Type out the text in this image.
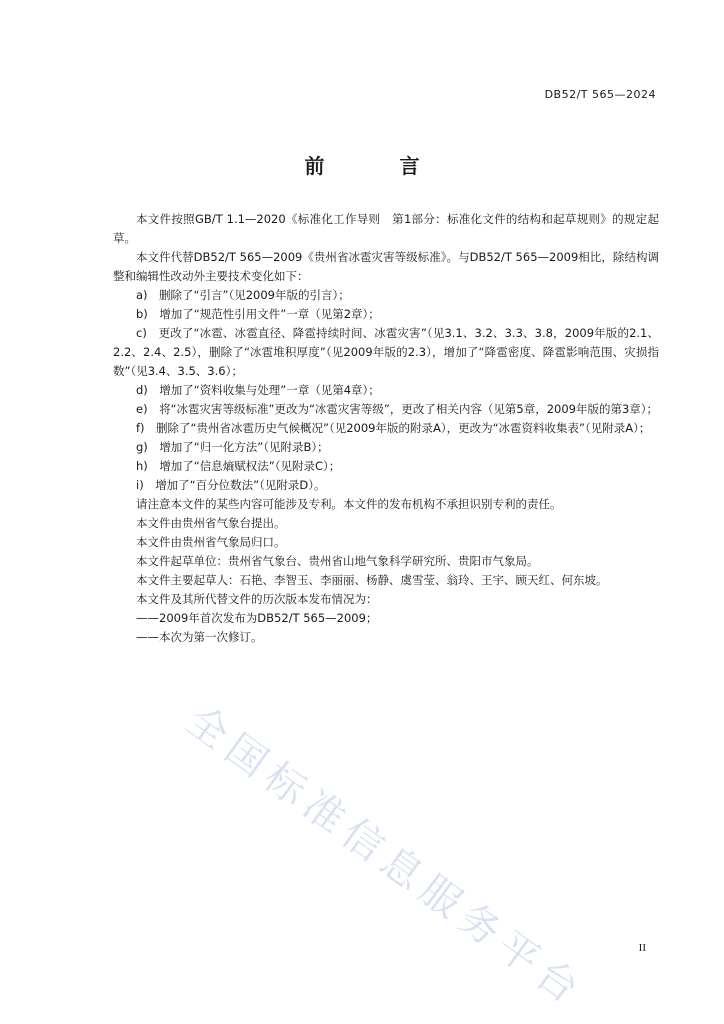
DB52/T 565—2024
前 言

本文件按照GB/T 1.1—2020《标准化工作导则　第1部分：标准化文件的结构和起草规则》的规定起草。

本文件代替DB52/T 565—2009《贵州省冰雹灾害等级标准》。与DB52/T 565—2009相比，除结构调整和编辑性改动外主要技术变化如下：

a)　 删除了“引言”（见2009年版的引言）；

b)　 增加了“规范性引用文件”一章（见第2章）；

c)　 更改了“冰雹、冰雹直径、降雹持续时间、冰雹灾害”（见3.1、3.2、3.3、3.8，2009年版的2.1、2.2、2.4、2.5），删除了“冰雹堆积厚度”（见2009年版的2.3），增加了“降雹密度、降雹影响范围、灾损指数”（见3.4、3.5、3.6）；

d)　 增加了“资料收集与处理”一章（见第4章）；

e)　 将“冰雹灾害等级标准”更改为“冰雹灾害等级”，更改了相关内容（见第5章，2009年版的第3章）；

f)　 删除了“贵州省冰雹历史气候概况”（见2009年版的附录A），更改为“冰雹资料收集表”（见附录A）；

g)　 增加了“归一化方法”（见附录B）；

h)　 增加了“信息熵赋权法”（见附录C）；

i)　 增加了“百分位数法”（见附录D）。

请注意本文件的某些内容可能涉及专利。本文件的发布机构不承担识别专利的责任。

本文件由贵州省气象台提出。

本文件由贵州省气象局归口。

本文件起草单位：贵州省气象台、贵州省山地气象科学研究所、贵阳市气象局。

本文件主要起草人：石艳、李智玉、李丽丽、杨静、虞雪莹、翁玲、王宇、顾天红、何东坡。

本文件及其所代替文件的历次版本发布情况为：

——2009年首次发布为DB52/T 565—2009；

——本次为第一次修订。

全国标准信息服务平台	II
